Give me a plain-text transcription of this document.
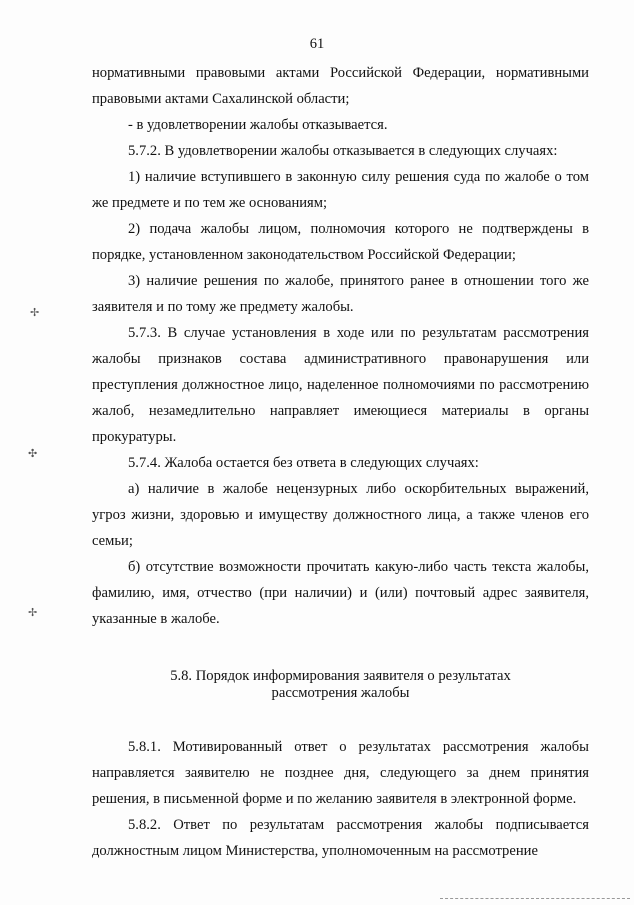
61
✢
✣
✢

нормативными правовыми актами Российской Федерации, нормативными правовыми актами Сахалинской области;

- в удовлетворении жалобы отказывается.

5.7.2. В удовлетворении жалобы отказывается в следующих случаях:

1) наличие вступившего в законную силу решения суда по жалобе о том же предмете и по тем же основаниям;

2) подача жалобы лицом, полномочия которого не подтверждены в порядке, установленном законодательством Российской Федерации;

3) наличие решения по жалобе, принятого ранее в отношении того же заявителя и по тому же предмету жалобы.

5.7.3. В случае установления в ходе или по результатам рассмотрения жалобы признаков состава административного правонарушения или преступления должностное лицо, наделенное полномочиями по рассмотрению жалоб, незамедлительно направляет имеющиеся материалы в органы прокуратуры.

5.7.4. Жалоба остается без ответа в следующих случаях:

а) наличие в жалобе нецензурных либо оскорбительных выражений, угроз жизни, здоровью и имуществу должностного лица, а также членов его семьи;

б) отсутствие возможности прочитать какую-либо часть текста жалобы, фамилию, имя, отчество (при наличии) и (или) почтовый адрес заявителя, указанные в жалобе.

5.8. Порядок информирования заявителя о результатах
рассмотрения жалобы

5.8.1. Мотивированный ответ о результатах рассмотрения жалобы направляется заявителю не позднее дня, следующего за днем принятия решения, в письменной форме и по желанию заявителя в электронной форме.

5.8.2. Ответ по результатам рассмотрения жалобы подписывается должностным лицом Министерства, уполномоченным на рассмотрение
